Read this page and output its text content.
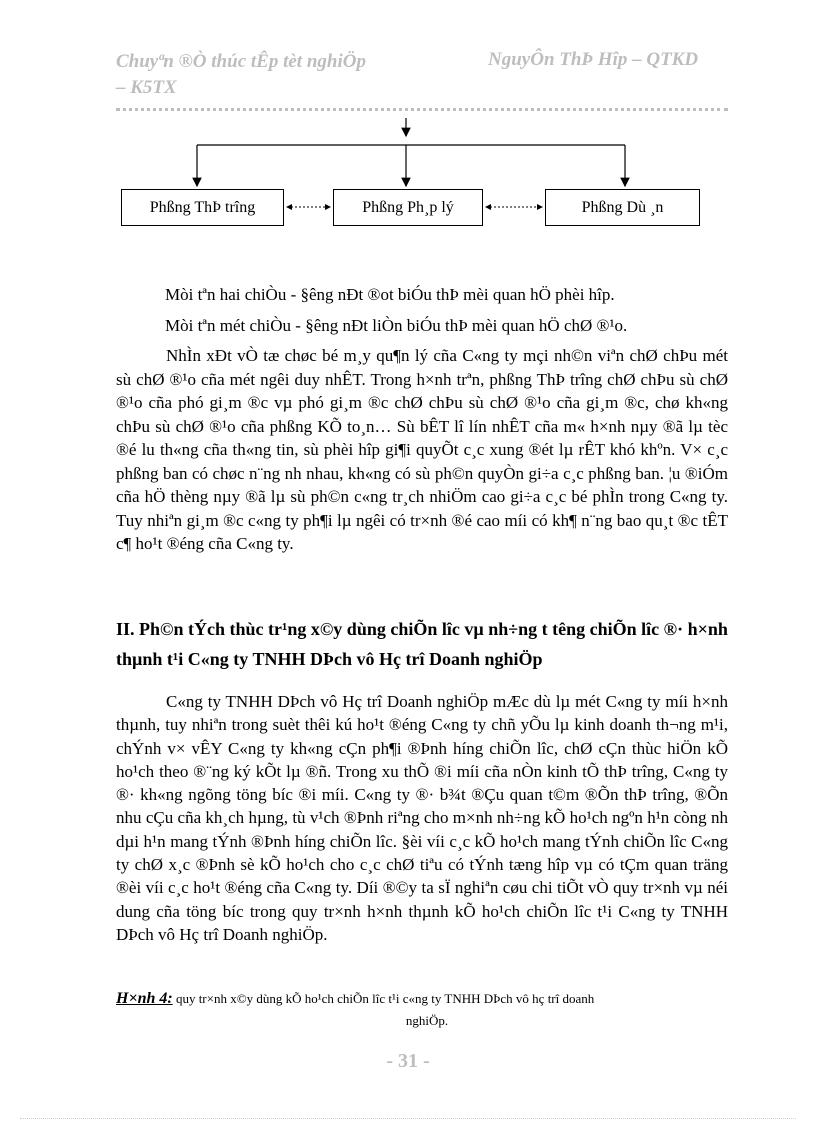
Chuyªn ®Ò thúc tÊp tèt nghiÖp
– K5TX
NguyÔn ThÞ Hîp – QTKD
Phßng ThÞ trîng	Phßng Ph¸p lý	Phßng Dù ¸n
Mòi tªn hai chiÒu - §êng nÐt ®ot biÓu thÞ mèi quan hÖ phèi hîp.
Mòi tªn mét chiÒu - §êng nÐt liÒn biÓu thÞ mèi quan hÖ chØ ®¹o.
NhÌn xÐt vÒ tæ chøc bé m¸y qu¶n lý cña C«ng ty mçi nh©n viªn chØ chÞu mét sù chØ ®¹o cña mét ngêi duy nhÊT. Trong h×nh trªn, phßng ThÞ trîng chØ chÞu sù chØ ®¹o cña phó gi¸m ®c vµ phó gi¸m ®c chØ chÞu sù chØ ®¹o cña gi¸m ®c, chø kh«ng chÞu sù chØ ®¹o cña phßng KÕ to¸n… Sù bÊT lî lín nhÊT cña m« h×nh nµy ®ã lµ tèc ®é lu th«ng cña th«ng tin, sù phèi hîp gi¶i quyÕt c¸c xung ®ét lµ rÊT khó khºn. V× c¸c phßng ban có chøc n¨ng nh nhau, kh«ng có sù ph©n quyÒn gi÷a c¸c phßng ban. ¦u ®iÓm cña hÖ thèng nµy ®ã lµ sù ph©n c«ng tr¸ch nhiÖm cao gi÷a c¸c bé phÌn trong C«ng ty. Tuy nhiªn gi¸m ®c c«ng ty ph¶i lµ ngêi có tr×nh ®é cao míi có kh¶ n¨ng bao qu¸t ®c tÊT c¶ ho¹t ®éng cña C«ng ty.
II. Ph©n tÝch thùc tr¹ng x©y dùng chiÕn lîc vµ nh÷ng t têng chiÕn lîc ®· h×nh thµnh t¹i C«ng ty TNHH DÞch vô Hç trî Doanh nghiÖp
C«ng ty TNHH DÞch vô Hç trî Doanh nghiÖp mÆc dù lµ mét C«ng ty míi h×nh thµnh, tuy nhiªn trong suèt thêi kú ho¹t ®éng C«ng ty chñ yÕu lµ kinh doanh th¬ng m¹i, chÝnh v× vÊY C«ng ty kh«ng cÇn ph¶i ®Þnh híng chiÕn lîc, chØ cÇn thùc hiÖn kÕ ho¹ch theo ®¨ng ký kÕt lµ ®ñ. Trong xu thÕ ®i míi cña nÒn kinh tÕ thÞ trîng, C«ng ty ®· kh«ng ngõng töng bíc ®i míi. C«ng ty ®· b¾t ®Çu quan t©m ®Õn thÞ trîng, ®Õn nhu cÇu cña kh¸ch hµng, tù v¹ch ®Þnh riªng cho m×nh nh÷ng kÕ ho¹ch ngºn h¹n còng nh dµi h¹n mang tÝnh ®Þnh híng chiÕn lîc. §èi víi c¸c kÕ ho¹ch mang tÝnh chiÕn lîc C«ng ty chØ x¸c ®Þnh sè kÕ ho¹ch cho c¸c chØ tiªu có tÝnh tæng hîp vµ có tÇm quan träng ®èi víi c¸c ho¹t ®éng cña C«ng ty. Díi ®©y ta sÏ nghiªn cøu chi tiÕt vÒ quy tr×nh vµ néi dung cña töng bíc trong quy tr×nh h×nh thµnh kÕ ho¹ch chiÕn lîc t¹i C«ng ty TNHH DÞch vô Hç trî Doanh nghiÖp.
H×nh 4: quy tr×nh x©y dùng kÕ ho¹ch chiÕn lîc t¹i c«ng ty TNHH DÞch vô hç trî doanh
nghiÖp.
- 31 -
